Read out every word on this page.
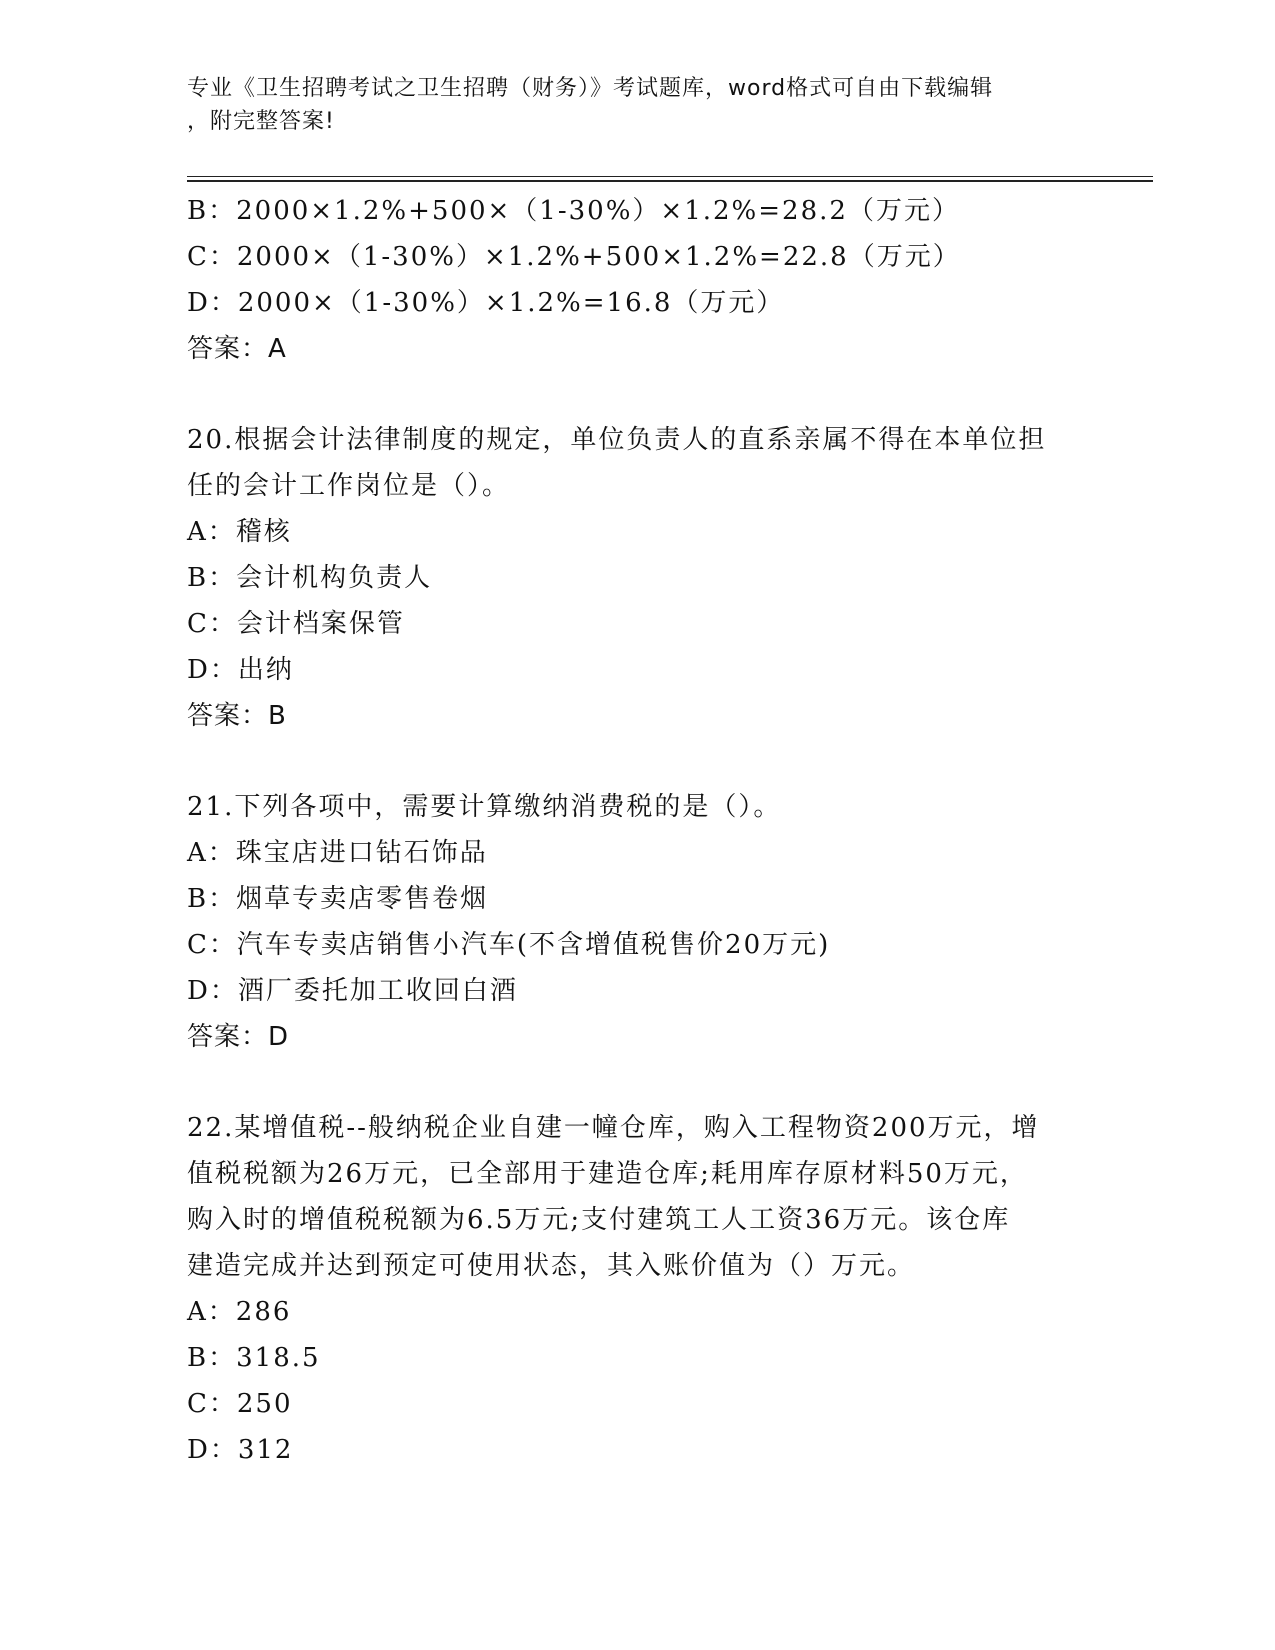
专业《卫生招聘考试之卫生招聘（财务）》考试题库，word格式可自由下载编辑
，附完整答案!
B：2000×1.2%+500×（1-30%）×1.2%=28.2（万元）
C：2000×（1-30%）×1.2%+500×1.2%=22.8（万元）
D：2000×（1-30%）×1.2%=16.8（万元）
答案：A
20.根据会计法律制度的规定，单位负责人的直系亲属不得在本单位担
任的会计工作岗位是（）。
A：稽核
B：会计机构负责人
C：会计档案保管
D：出纳
答案：B
21.下列各项中，需要计算缴纳消费税的是（）。
A：珠宝店进口钻石饰品
B：烟草专卖店零售卷烟
C：汽车专卖店销售小汽车(不含增值税售价20万元)
D：酒厂委托加工收回白酒
答案：D
22.某增值税--般纳税企业自建一幢仓库，购入工程物资200万元，增
值税税额为26万元，已全部用于建造仓库;耗用库存原材料50万元，
购入时的增值税税额为6.5万元;支付建筑工人工资36万元。该仓库
建造完成并达到预定可使用状态，其入账价值为（）万元。
A：286
B：318.5
C：250
D：312
